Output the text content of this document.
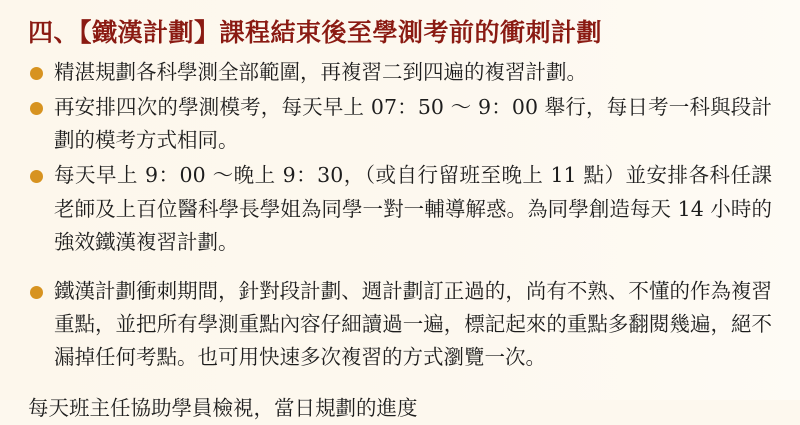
四、【鐵漢計劃】課程結束後至學測考前的衝刺計劃
精湛規劃各科學測全部範圍，再複習二到四遍的複習計劃。
再安排四次的學測模考，每天早上 07：50 ～ 9：00 舉行，每日考一科與段計劃的模考方式相同。
每天早上 9：00 ～晚上 9：30，（或自行留班至晚上 11 點）並安排各科任課老師及上百位醫科學長學姐為同學一對一輔導解惑。為同學創造每天 14 小時的強效鐵漢複習計劃。
鐵漢計劃衝刺期間，針對段計劃、週計劃訂正過的，尚有不熟、不懂的作為複習重點，並把所有學測重點內容仔細讀過一遍，標記起來的重點多翻閱幾遍，絕不漏掉任何考點。也可用快速多次複習的方式瀏覽一次。
每天班主任協助學員檢視，當日規劃的進度
